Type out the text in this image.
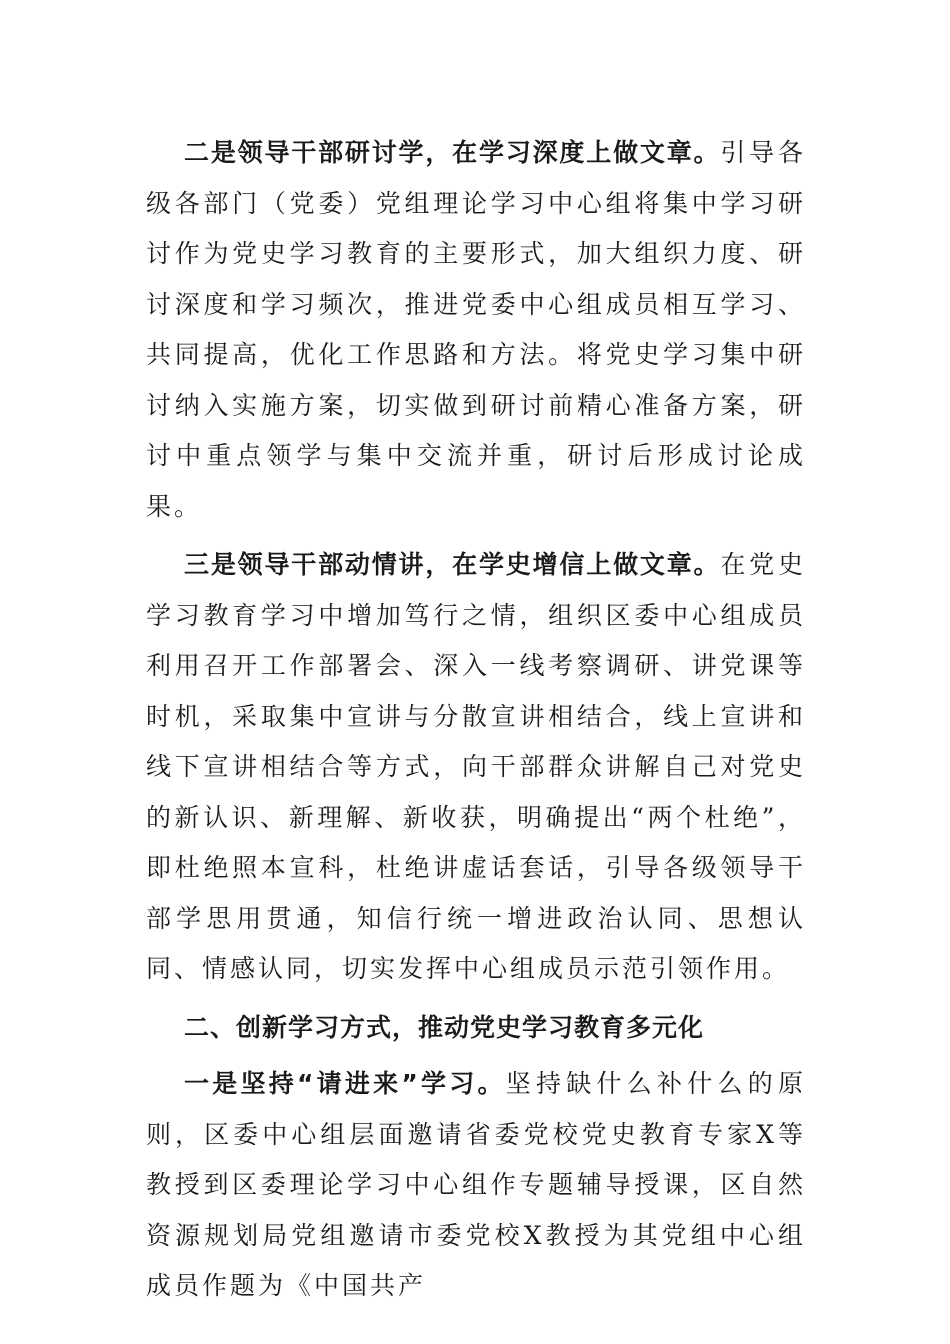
二是领导干部研讨学，在学习深度上做文章。引导各级各部门（党委）党组理论学习中心组将集中学习研讨作为党史学习教育的主要形式，加大组织力度、研讨深度和学习频次，推进党委中心组成员相互学习、共同提高，优化工作思路和方法。将党史学习集中研讨纳入实施方案，切实做到研讨前精心准备方案，研讨中重点领学与集中交流并重，研讨后形成讨论成果。

三是领导干部动情讲，在学史增信上做文章。在党史学习教育学习中增加笃行之情，组织区委中心组成员利用召开工作部署会、深入一线考察调研、讲党课等时机，采取集中宣讲与分散宣讲相结合，线上宣讲和线下宣讲相结合等方式，向干部群众讲解自己对党史的新认识、新理解、新收获，明确提出“两个杜绝”，即杜绝照本宣科，杜绝讲虚话套话，引导各级领导干部学思用贯通，知信行统一增进政治认同、思想认同、情感认同，切实发挥中心组成员示范引领作用。

二、创新学习方式，推动党史学习教育多元化

一是坚持“请进来”学习。坚持缺什么补什么的原则，区委中心组层面邀请省委党校党史教育专家X等教授到区委理论学习中心组作专题辅导授课，区自然资源规划局党组邀请市委党校X教授为其党组中心组成员作题为《中国共产
